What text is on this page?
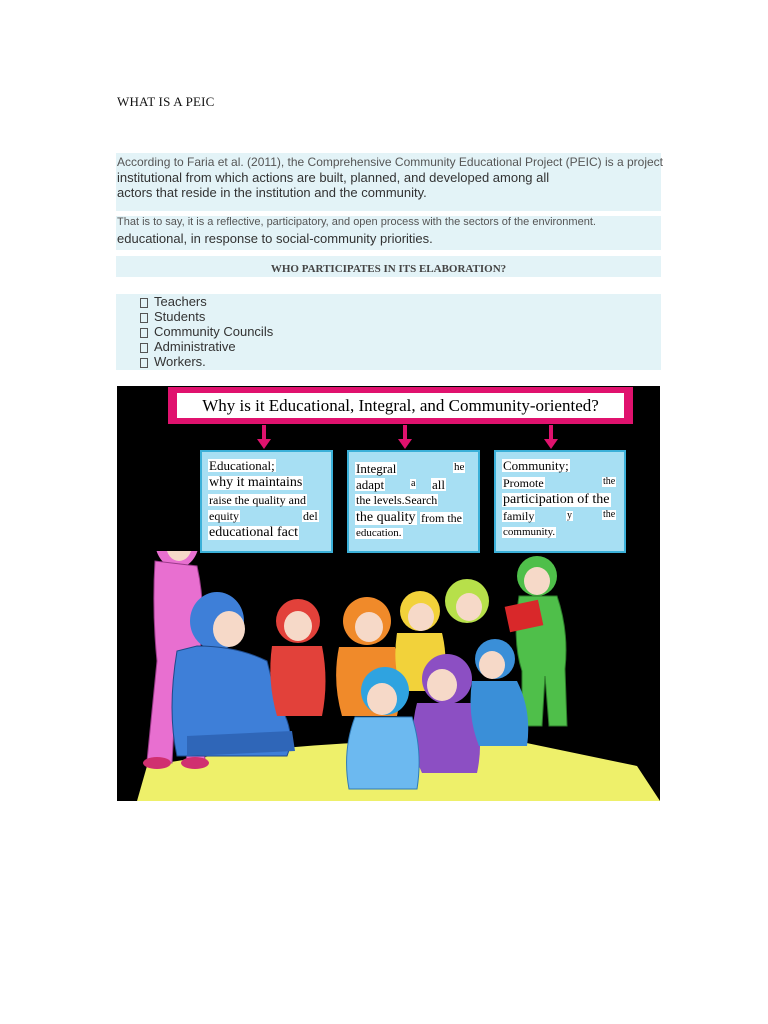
WHAT IS A PEIC
According to Faria et al. (2011), the Comprehensive Community Educational Project (PEIC) is a project
institutional from which actions are built, planned, and developed among all
actors that reside in the institution and the community.
That is to say, it is a reflective, participatory, and open process with the sectors of the environment.
educational, in response to social-community priorities.
WHO PARTICIPATES IN ITS ELABORATION?
Teachers
Students
Community Councils
Administrative
Workers.
Why is it Educational, Integral, and Community-oriented?
Educational;
why it maintains
raise the quality and
equity	del
educational fact
Integral	he
adapt	a all
the levels.Search
the quality from the
education.
Community;
Promote	the
participation of the
family	y	the
community.
